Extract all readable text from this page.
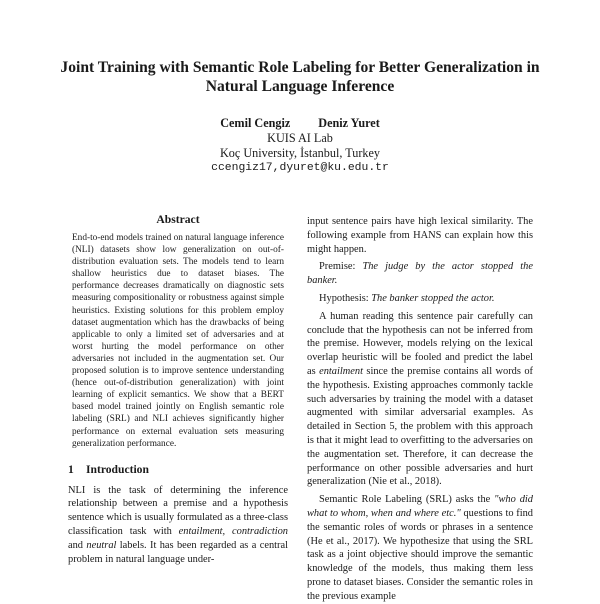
Joint Training with Semantic Role Labeling for Better Generalization in Natural Language Inference
Cemil Cengiz Deniz Yuret
KUIS AI Lab
Koç University, İstanbul, Turkey
ccengiz17,dyuret@ku.edu.tr
Abstract
End-to-end models trained on natural language inference (NLI) datasets show low generalization on out-of-distribution evaluation sets. The models tend to learn shallow heuristics due to dataset biases. The performance decreases dramatically on diagnostic sets measuring compositionality or robustness against simple heuristics. Existing solutions for this problem employ dataset augmentation which has the drawbacks of being applicable to only a limited set of adversaries and at worst hurting the model performance on other adversaries not included in the augmentation set. Our proposed solution is to improve sentence understanding (hence out-of-distribution generalization) with joint learning of explicit semantics. We show that a BERT based model trained jointly on English semantic role labeling (SRL) and NLI achieves significantly higher performance on external evaluation sets measuring generalization performance.
1 Introduction

NLI is the task of determining the inference relationship between a premise and a hypothesis sentence which is usually formulated as a three-class classification task with entailment, contradiction and neutral labels. It has been regarded as a central problem in natural language under-

input sentence pairs have high lexical similarity. The following example from HANS can explain how this might happen.

Premise: The judge by the actor stopped the banker.

Hypothesis: The banker stopped the actor.

A human reading this sentence pair carefully can conclude that the hypothesis can not be inferred from the premise. However, models relying on the lexical overlap heuristic will be fooled and predict the label as entailment since the premise contains all words of the hypothesis. Existing approaches commonly tackle such adversaries by training the model with a dataset augmented with similar adversarial examples. As detailed in Section 5, the problem with this approach is that it might lead to overfitting to the adversaries on the augmentation set. Therefore, it can decrease the performance on other possible adversaries and hurt generalization (Nie et al., 2018).

Semantic Role Labeling (SRL) asks the "who did what to whom, when and where etc." questions to find the semantic roles of words or phrases in a sentence (He et al., 2017). We hypothesize that using the SRL task as a joint objective should improve the semantic knowledge of the models, thus making them less prone to dataset biases. Consider the semantic roles in the previous example
